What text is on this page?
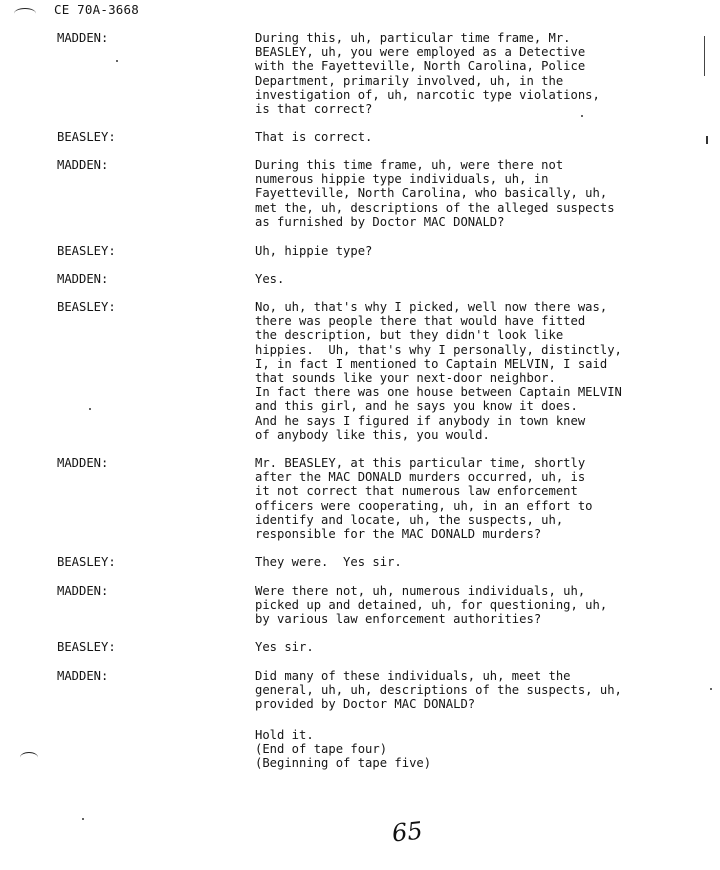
CE 70A-3668
MADDEN:	During this, uh, particular time frame, Mr.
BEASLEY, uh, you were employed as a Detective
with the Fayetteville, North Carolina, Police
Department, primarily involved, uh, in the
investigation of, uh, narcotic type violations,
is that correct?
BEASLEY:	That is correct.
MADDEN:	During this time frame, uh, were there not
numerous hippie type individuals, uh, in
Fayetteville, North Carolina, who basically, uh,
met the, uh, descriptions of the alleged suspects
as furnished by Doctor MAC DONALD?
BEASLEY:	Uh, hippie type?
MADDEN:	Yes.
BEASLEY:	No, uh, that's why I picked, well now there was,
there was people there that would have fitted
the description, but they didn't look like
hippies.  Uh, that's why I personally, distinctly,
I, in fact I mentioned to Captain MELVIN, I said
that sounds like your next-door neighbor.
In fact there was one house between Captain MELVIN
and this girl, and he says you know it does.
And he says I figured if anybody in town knew
of anybody like this, you would.
MADDEN:	Mr. BEASLEY, at this particular time, shortly
after the MAC DONALD murders occurred, uh, is
it not correct that numerous law enforcement
officers were cooperating, uh, in an effort to
identify and locate, uh, the suspects, uh,
responsible for the MAC DONALD murders?
BEASLEY:	They were.  Yes sir.
MADDEN:	Were there not, uh, numerous individuals, uh,
picked up and detained, uh, for questioning, uh,
by various law enforcement authorities?
BEASLEY:	Yes sir.
MADDEN:	Did many of these individuals, uh, meet the
general, uh, uh, descriptions of the suspects, uh,
provided by Doctor MAC DONALD?
Hold it.
(End of tape four)
(Beginning of tape five)
65
